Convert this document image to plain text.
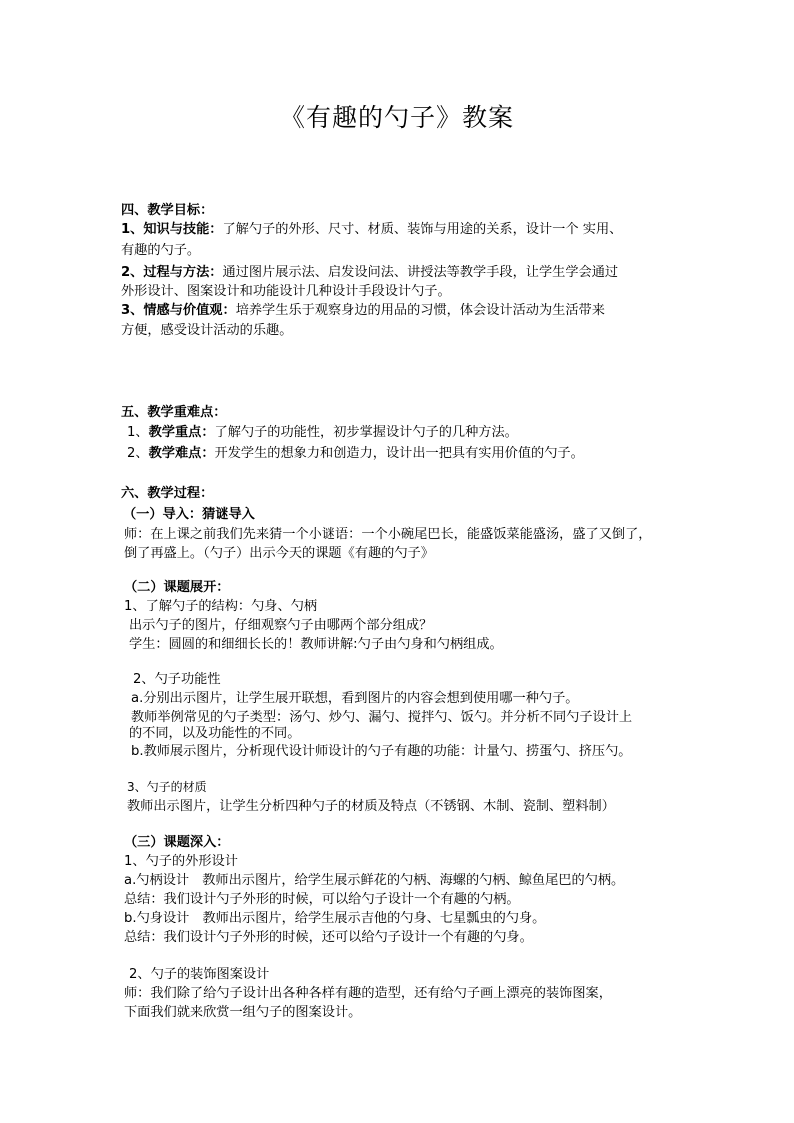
《有趣的勺子》教案
四、教学目标：
1、知识与技能：了解勺子的外形、尺寸、材质、装饰与用途的关系，设计一个 实用、
有趣的勺子。
2、过程与方法：通过图片展示法、启发设问法、讲授法等教学手段，让学生学会通过
外形设计、图案设计和功能设计几种设计手段设计勺子。
3、情感与价值观：培养学生乐于观察身边的用品的习惯，体会设计活动为生活带来
方便，感受设计活动的乐趣。
五、教学重难点：
1、教学重点：了解勺子的功能性，初步掌握设计勺子的几种方法。
2、教学难点：开发学生的想象力和创造力，设计出一把具有实用价值的勺子。
六、教学过程：
（一）导入：猜谜导入
师：在上课之前我们先来猜一个小谜语：一个小碗尾巴长，能盛饭菜能盛汤，盛了又倒了，
倒了再盛上。（勺子）出示今天的课题《有趣的勺子》
（二）课题展开：
1、了解勺子的结构：勺身、勺柄
出示勺子的图片，仔细观察勺子由哪两个部分组成？
学生：圆圆的和细细长长的！教师讲解:勺子由勺身和勺柄组成。
2、勺子功能性
a.分别出示图片，让学生展开联想，看到图片的内容会想到使用哪一种勺子。
教师举例常见的勺子类型：汤勺、炒勺、漏勺、搅拌勺、饭勺。并分析不同勺子设计上
的不同，以及功能性的不同。
b.教师展示图片，分析现代设计师设计的勺子有趣的功能：计量勺、捞蛋勺、挤压勺。
3、勺子的材质
教师出示图片，让学生分析四种勺子的材质及特点（不锈钢、木制、瓷制、塑料制）
（三）课题深入：
1、勺子的外形设计
a.勺柄设计　教师出示图片，给学生展示鲜花的勺柄、海螺的勺柄、鲸鱼尾巴的勺柄。
总结：我们设计勺子外形的时候，可以给勺子设计一个有趣的勺柄。
b.勺身设计　教师出示图片，给学生展示吉他的勺身、七星瓢虫的勺身。
总结：我们设计勺子外形的时候，还可以给勺子设计一个有趣的勺身。
2、勺子的装饰图案设计
师：我们除了给勺子设计出各种各样有趣的造型，还有给勺子画上漂亮的装饰图案，
下面我们就来欣赏一组勺子的图案设计。
